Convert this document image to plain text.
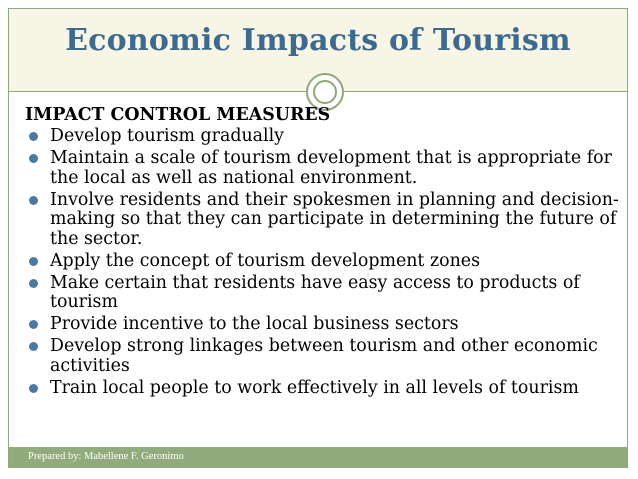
Economic Impacts of Tourism
IMPACT CONTROL MEASURES
Develop tourism gradually
Maintain a scale of tourism development that is appropriate for the local as well as national environment.
Involve residents and their spokesmen in planning and decision-making so that they can participate in determining the future of the sector.
Apply the concept of tourism development zones
Make certain that residents have easy access to products of tourism
Provide incentive to the local business sectors
Develop strong linkages between tourism and other economic activities
Train local people to work effectively in all levels of tourism
Prepared by: Mabellene F. Geronimo
